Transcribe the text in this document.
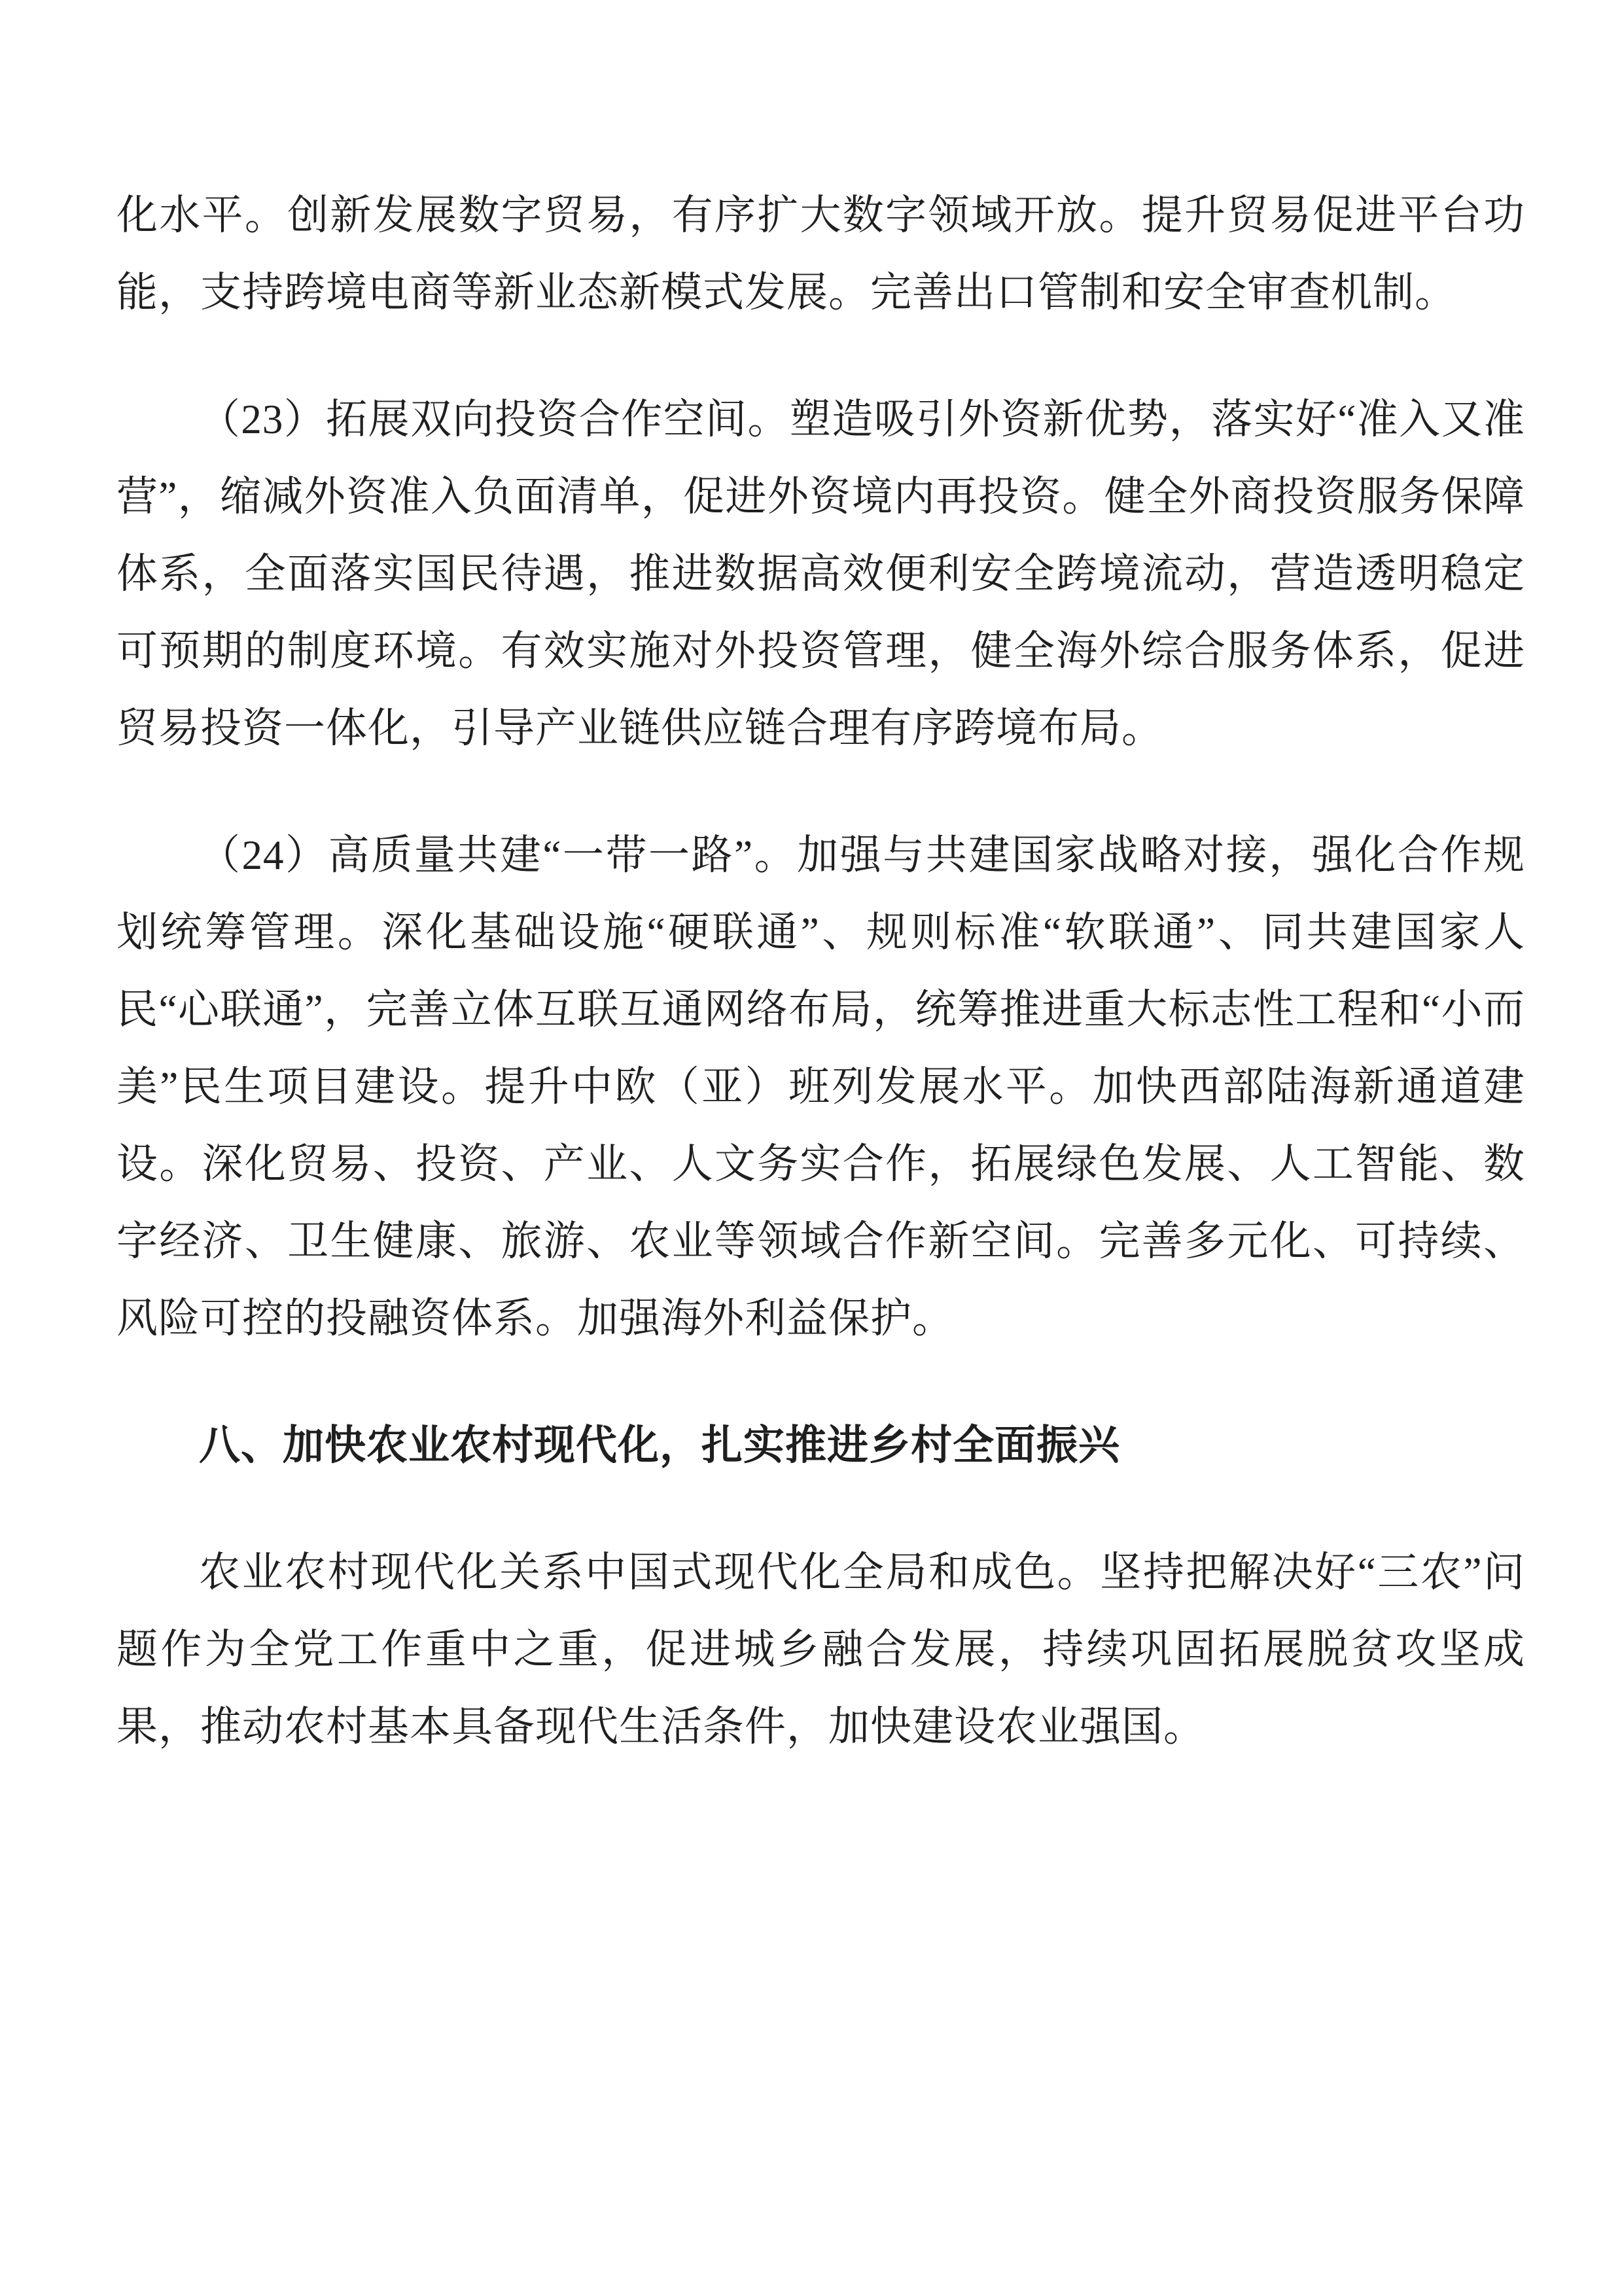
化水平。创新发展数字贸易，有序扩大数字领域开放。提升贸易促进平台功能，支持跨境电商等新业态新模式发展。完善出口管制和安全审查机制。

（23）拓展双向投资合作空间。塑造吸引外资新优势，落实好“准入又准营”，缩减外资准入负面清单，促进外资境内再投资。健全外商投资服务保障体系，全面落实国民待遇，推进数据高效便利安全跨境流动，营造透明稳定可预期的制度环境。有效实施对外投资管理，健全海外综合服务体系，促进贸易投资一体化，引导产业链供应链合理有序跨境布局。

（24）高质量共建“一带一路”。加强与共建国家战略对接，强化合作规划统筹管理。深化基础设施“硬联通”、规则标准“软联通”、同共建国家人民“心联通”，完善立体互联互通网络布局，统筹推进重大标志性工程和“小而美”民生项目建设。提升中欧（亚）班列发展水平。加快西部陆海新通道建设。深化贸易、投资、产业、人文务实合作，拓展绿色发展、人工智能、数字经济、卫生健康、旅游、农业等领域合作新空间。完善多元化、可持续、风险可控的投融资体系。加强海外利益保护。

八、加快农业农村现代化，扎实推进乡村全面振兴

农业农村现代化关系中国式现代化全局和成色。坚持把解决好“三农”问题作为全党工作重中之重，促进城乡融合发展，持续巩固拓展脱贫攻坚成果，推动农村基本具备现代生活条件，加快建设农业强国。
